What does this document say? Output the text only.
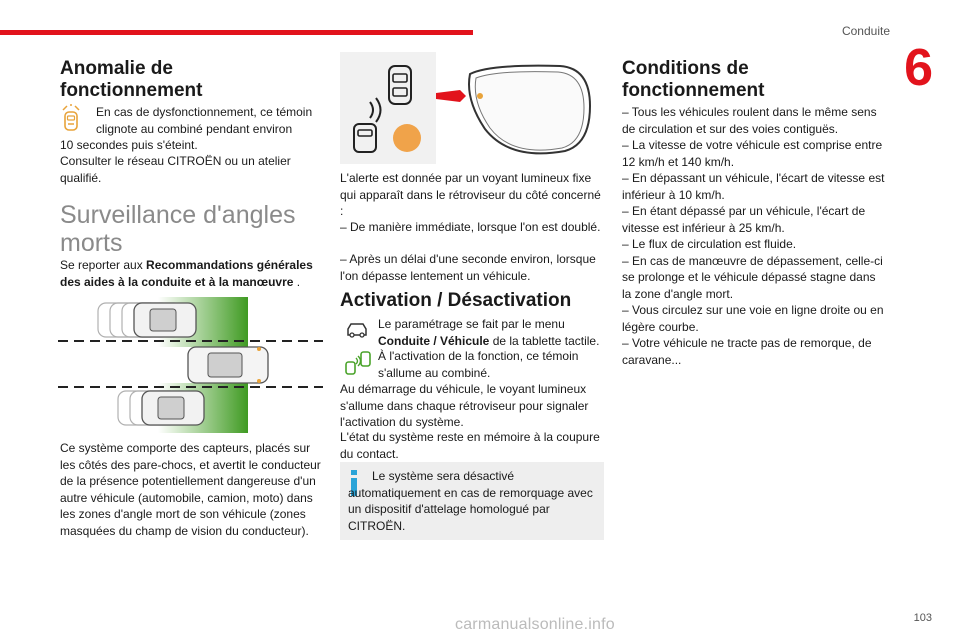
Conduite
6
Anomalie de fonctionnement
En cas de dysfonctionnement, ce témoin clignote au combiné pendant environ
10 secondes puis s'éteint.
Consulter le réseau CITROËN ou un atelier qualifié.
Surveillance d'angles morts
Se reporter aux Recommandations générales des aides à la conduite et à la manœuvre .
Ce système comporte des capteurs, placés sur les côtés des pare-chocs, et avertit le conducteur de la présence potentiellement dangereuse d'un autre véhicule (automobile, camion, moto) dans les zones d'angle mort de son véhicule (zones masquées du champ de vision du conducteur).
L'alerte est donnée par un voyant lumineux fixe qui apparaît dans le rétroviseur du côté concerné :
– De manière immédiate, lorsque l'on est doublé.
– Après un délai d'une seconde environ, lorsque l'on dépasse lentement un véhicule.
Activation / Désactivation
Le paramétrage se fait par le menu Conduite / Véhicule de la tablette tactile.
À l'activation de la fonction, ce témoin s'allume au combiné.
Au démarrage du véhicule, le voyant lumineux s'allume dans chaque rétroviseur pour signaler l'activation du système.
L'état du système reste en mémoire à la coupure du contact.
Le système sera désactivé automatiquement en cas de remorquage avec un dispositif d'attelage homologué par CITROËN.
Conditions de fonctionnement
– Tous les véhicules roulent dans le même sens de circulation et sur des voies contiguës.
– La vitesse de votre véhicule est comprise entre 12 km/h et 140 km/h.
– En dépassant un véhicule, l'écart de vitesse est inférieur à 10 km/h.
– En étant dépassé par un véhicule, l'écart de vitesse est inférieur à 25 km/h.
– Le flux de circulation est fluide.
– En cas de manœuvre de dépassement, celle-ci se prolonge et le véhicule dépassé stagne dans la zone d'angle mort.
– Vous circulez sur une voie en ligne droite ou en légère courbe.
– Votre véhicule ne tracte pas de remorque, de caravane...
103
carmanualsonline.info
